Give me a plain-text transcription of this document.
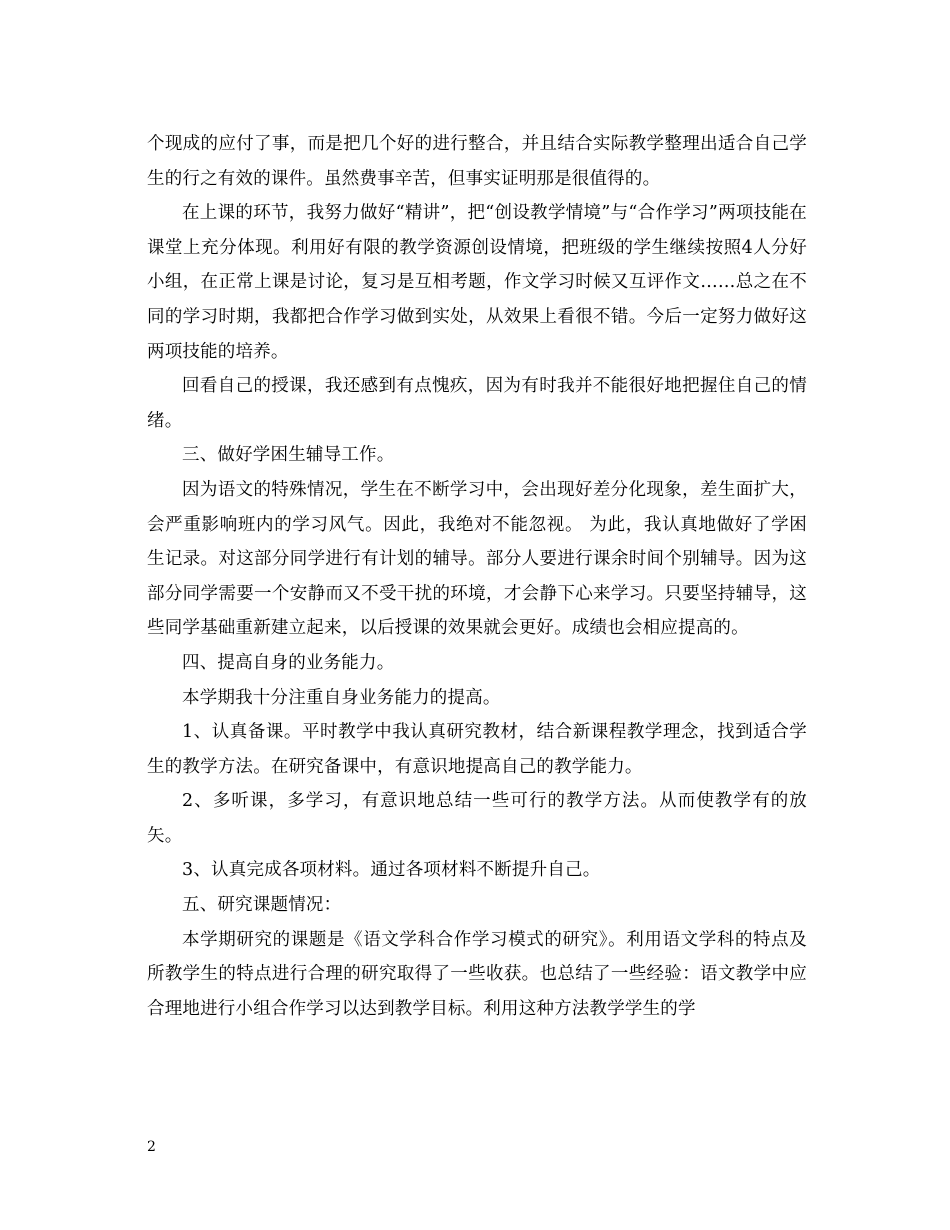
个现成的应付了事，而是把几个好的进行整合，并且结合实际教学整理出适合自己学生的行之有效的课件。虽然费事辛苦，但事实证明那是很值得的。

在上课的环节，我努力做好“精讲”，把“创设教学情境”与“合作学习”两项技能在课堂上充分体现。利用好有限的教学资源创设情境，把班级的学生继续按照4人分好小组，在正常上课是讨论，复习是互相考题，作文学习时候又互评作文……总之在不同的学习时期，我都把合作学习做到实处，从效果上看很不错。今后一定努力做好这两项技能的培养。

回看自己的授课，我还感到有点愧疚，因为有时我并不能很好地把握住自己的情绪。

三、做好学困生辅导工作。

因为语文的特殊情况，学生在不断学习中，会出现好差分化现象，差生面扩大，会严重影响班内的学习风气。因此，我绝对不能忽视。 为此，我认真地做好了学困生记录。对这部分同学进行有计划的辅导。部分人要进行课余时间个别辅导。因为这部分同学需要一个安静而又不受干扰的环境，才会静下心来学习。只要坚持辅导，这些同学基础重新建立起来，以后授课的效果就会更好。成绩也会相应提高的。

四、提高自身的业务能力。

本学期我十分注重自身业务能力的提高。

1、认真备课。平时教学中我认真研究教材，结合新课程教学理念，找到适合学生的教学方法。在研究备课中，有意识地提高自己的教学能力。

2、多听课，多学习，有意识地总结一些可行的教学方法。从而使教学有的放矢。

3、认真完成各项材料。通过各项材料不断提升自己。

五、研究课题情况：

本学期研究的课题是《语文学科合作学习模式的研究》。利用语文学科的特点及所教学生的特点进行合理的研究取得了一些收获。也总结了一些经验：语文教学中应合理地进行小组合作学习以达到教学目标。利用这种方法教学学生的学

2
